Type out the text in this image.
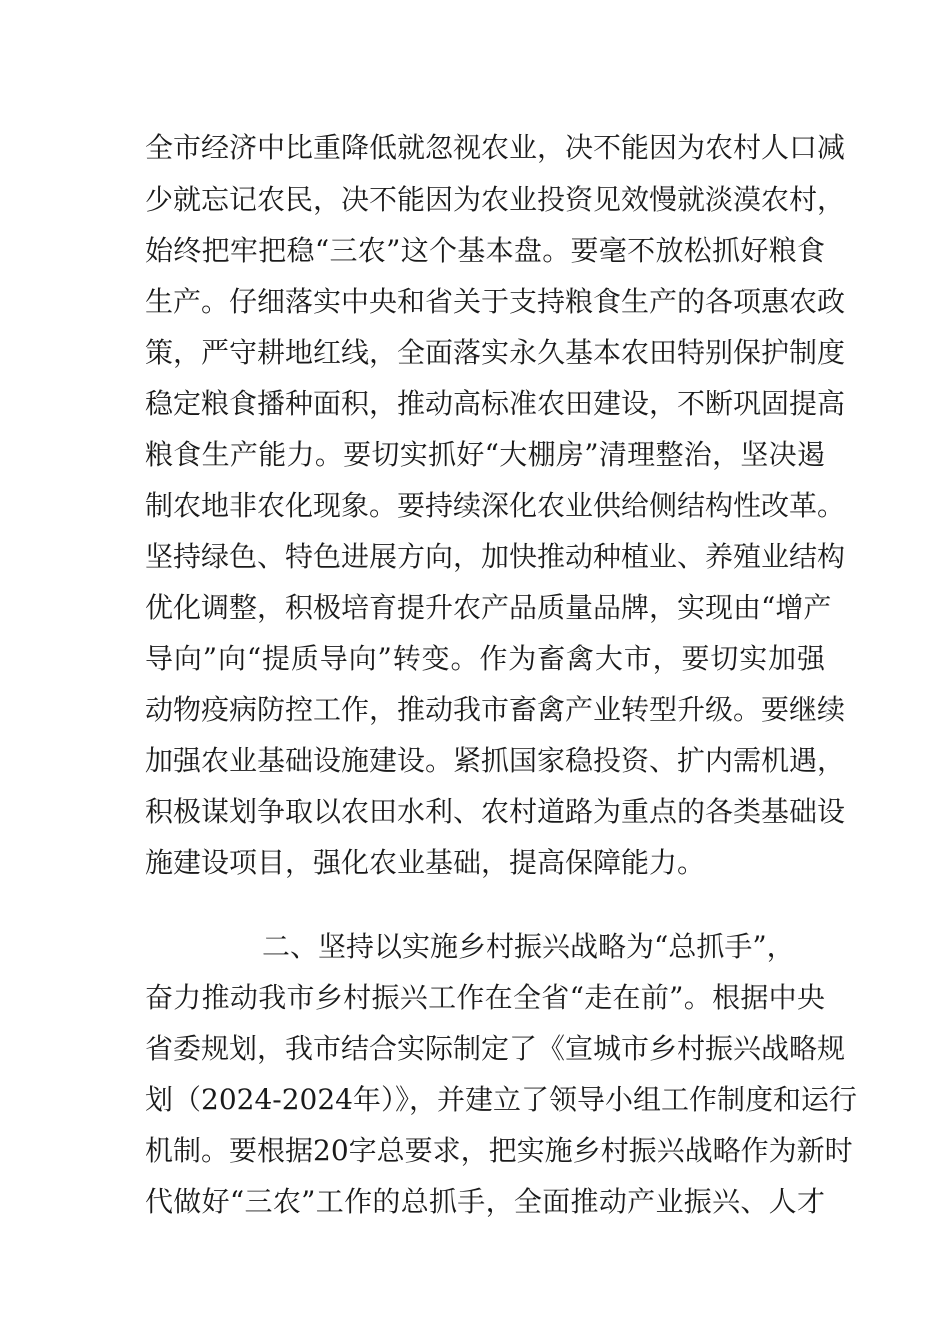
全市经济中比重降低就忽视农业，决不能因为农村人口减

少就忘记农民，决不能因为农业投资见效慢就淡漠农村，

始终把牢把稳“三农”这个基本盘。要毫不放松抓好粮食

生产。仔细落实中央和省关于支持粮食生产的各项惠农政

策，严守耕地红线，全面落实永久基本农田特别保护制度

稳定粮食播种面积，推动高标准农田建设，不断巩固提高

粮食生产能力。要切实抓好“大棚房”清理整治，坚决遏

制农地非农化现象。要持续深化农业供给侧结构性改革。

坚持绿色、特色进展方向，加快推动种植业、养殖业结构

优化调整，积极培育提升农产品质量品牌，实现由“增产

导向”向“提质导向”转变。作为畜禽大市，要切实加强

动物疫病防控工作，推动我市畜禽产业转型升级。要继续

加强农业基础设施建设。紧抓国家稳投资、扩内需机遇，

积极谋划争取以农田水利、农村道路为重点的各类基础设

施建设项目，强化农业基础，提高保障能力。

二、坚持以实施乡村振兴战略为“总抓手”，

奋力推动我市乡村振兴工作在全省“走在前”。根据中央

省委规划，我市结合实际制定了《宣城市乡村振兴战略规

划（2024-2024年）》，并建立了领导小组工作制度和运行

机制。要根据20字总要求，把实施乡村振兴战略作为新时

代做好“三农”工作的总抓手，全面推动产业振兴、人才
